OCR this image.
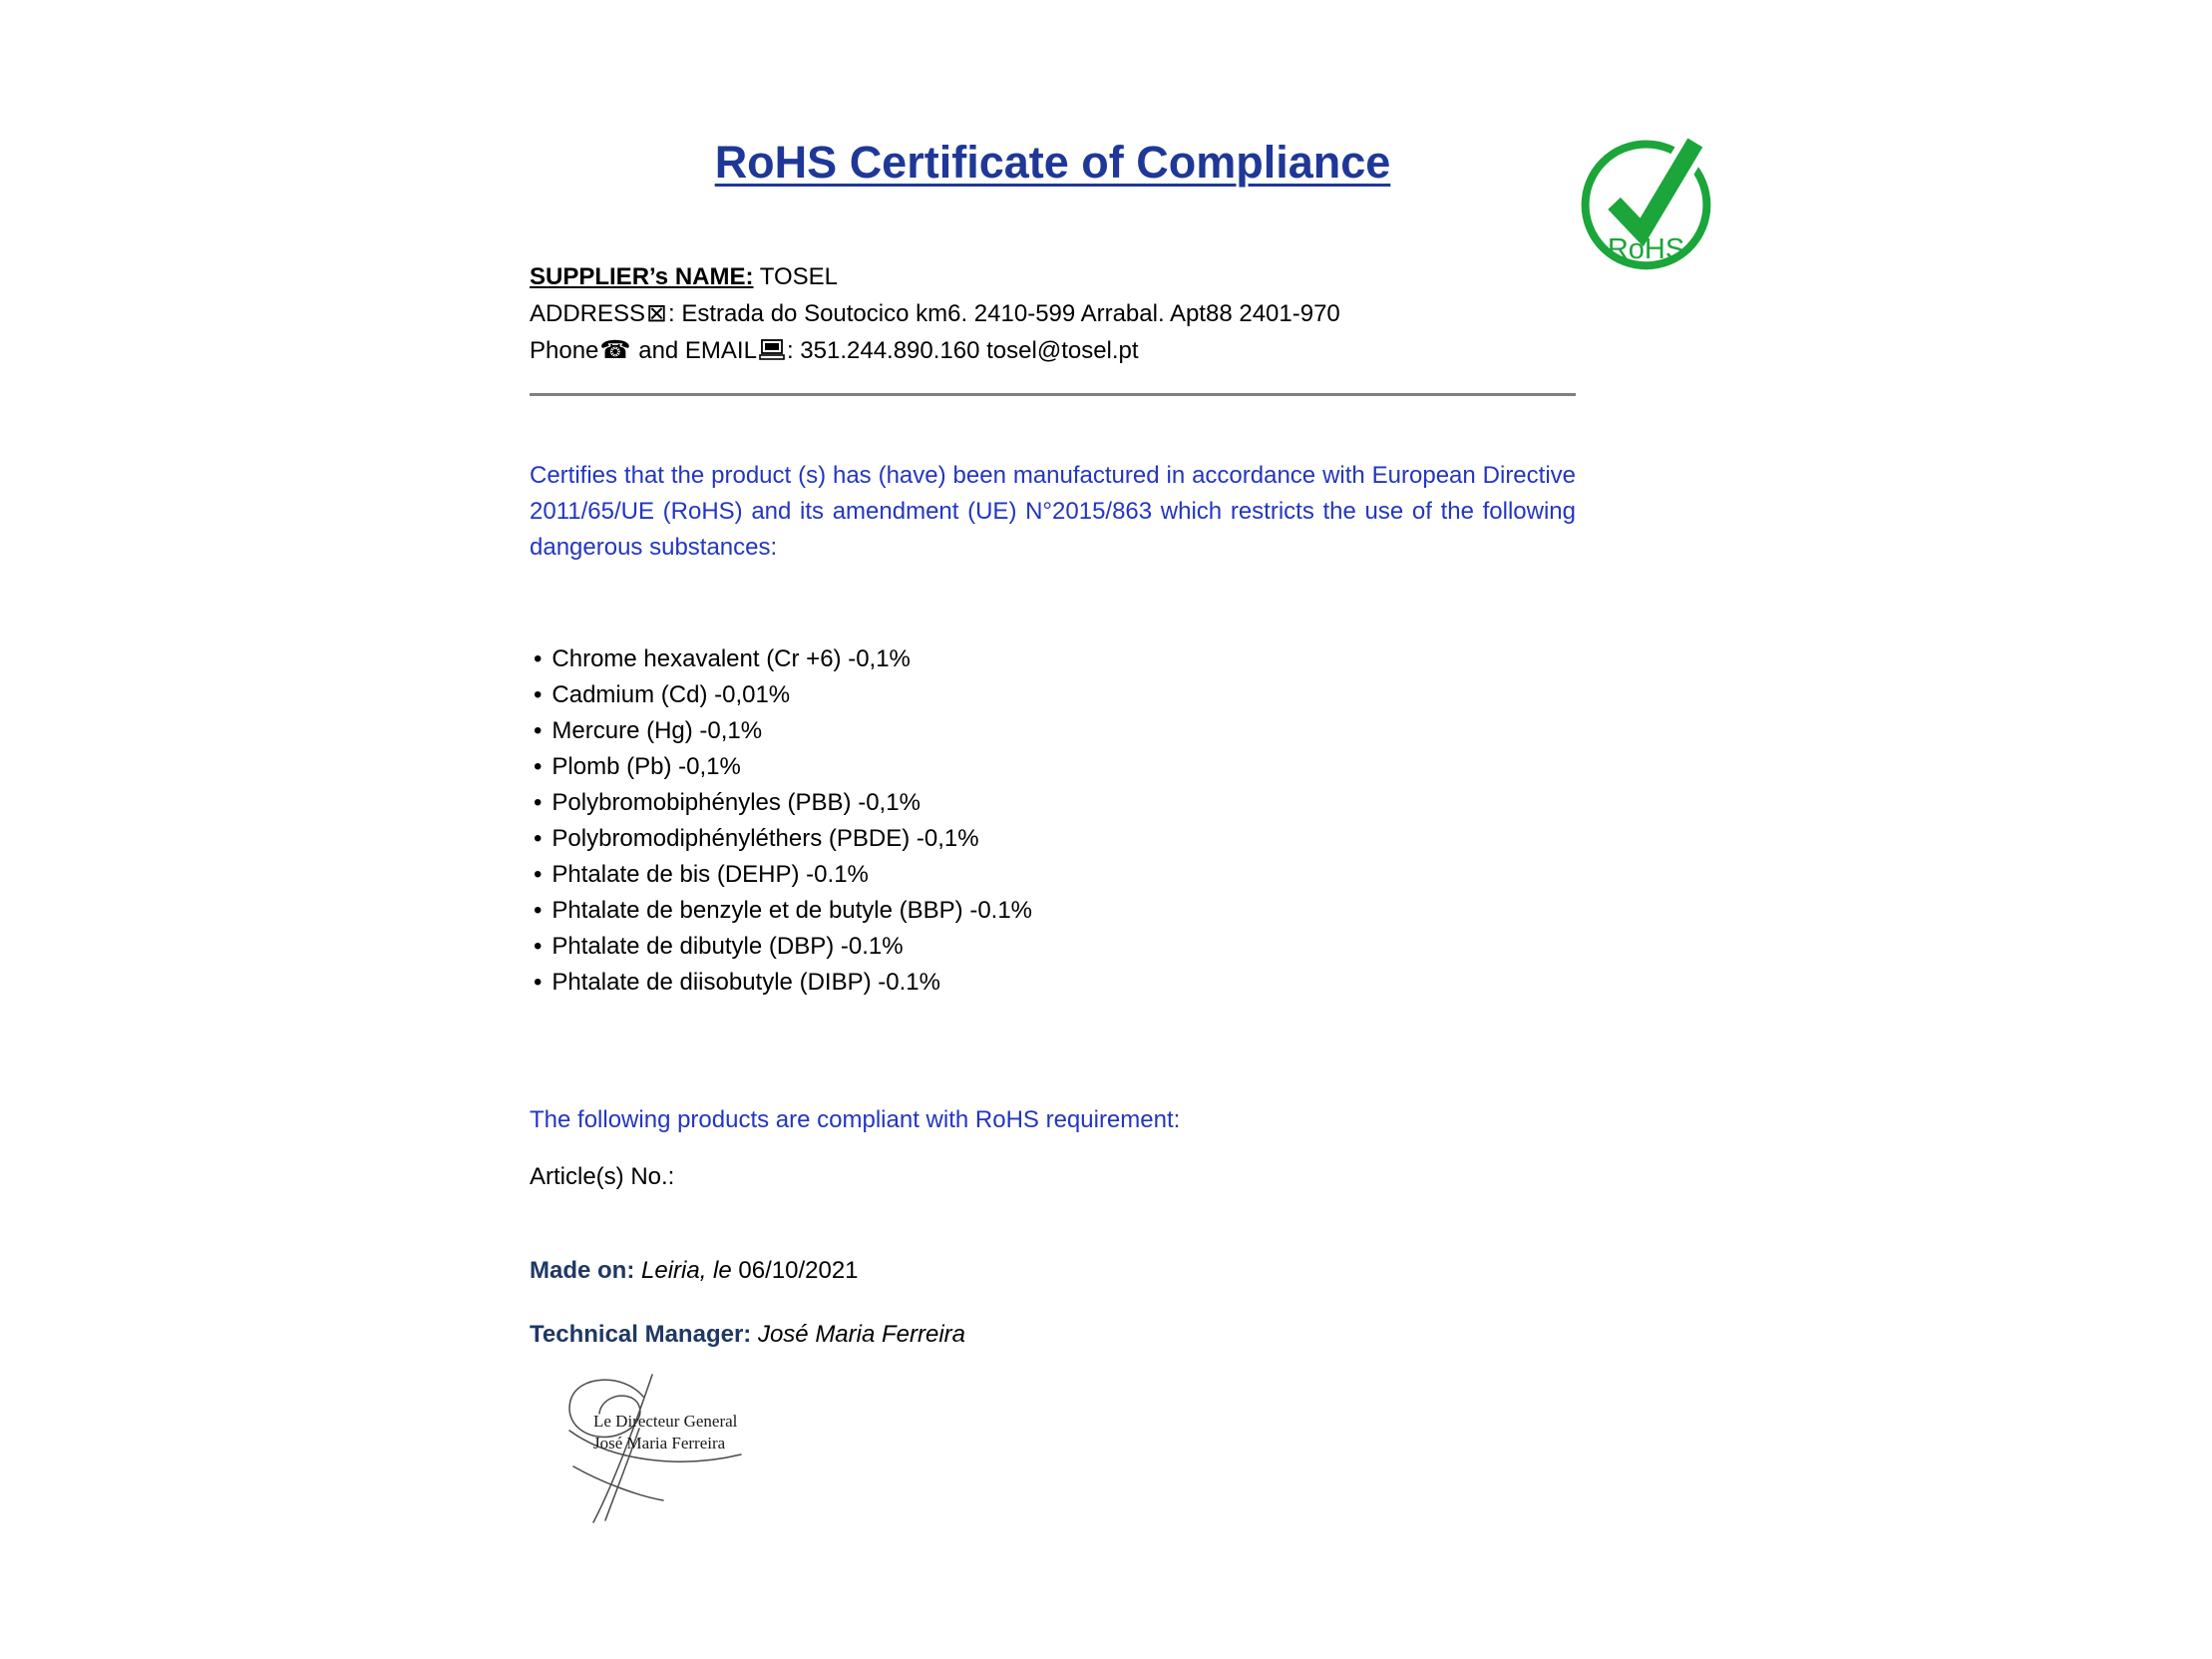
RoHS
RoHS Certificate of Compliance

SUPPLIER’s NAME: TOSEL

ADDRESS⊠: Estrada do Soutocico km6. 2410-599 Arrabal. Apt88 2401-970

Phone☎ and EMAIL : 351.244.890.160 tosel@tosel.pt

Certifies that the product (s) has (have) been manufactured in accordance with European Directive 2011/65/UE (RoHS) and its amendment (UE) N°2015/863 which restricts the use of the following dangerous substances:

• Chrome hexavalent (Cr +6) -0,1%
• Cadmium (Cd) -0,01%
• Mercure (Hg) -0,1%
• Plomb (Pb) -0,1%
• Polybromobiphényles (PBB) -0,1%
• Polybromodiphényléthers (PBDE) -0,1%
• Phtalate de bis (DEHP) -0.1%
• Phtalate de benzyle et de butyle (BBP) -0.1%
• Phtalate de dibutyle (DBP) -0.1%
• Phtalate de diisobutyle (DIBP) -0.1%

The following products are compliant with RoHS requirement:

Article(s) No.:

Made on: Leiria, le 06/10/2021

Technical Manager: José Maria Ferreira

Le Directeur General
José Maria Ferreira
